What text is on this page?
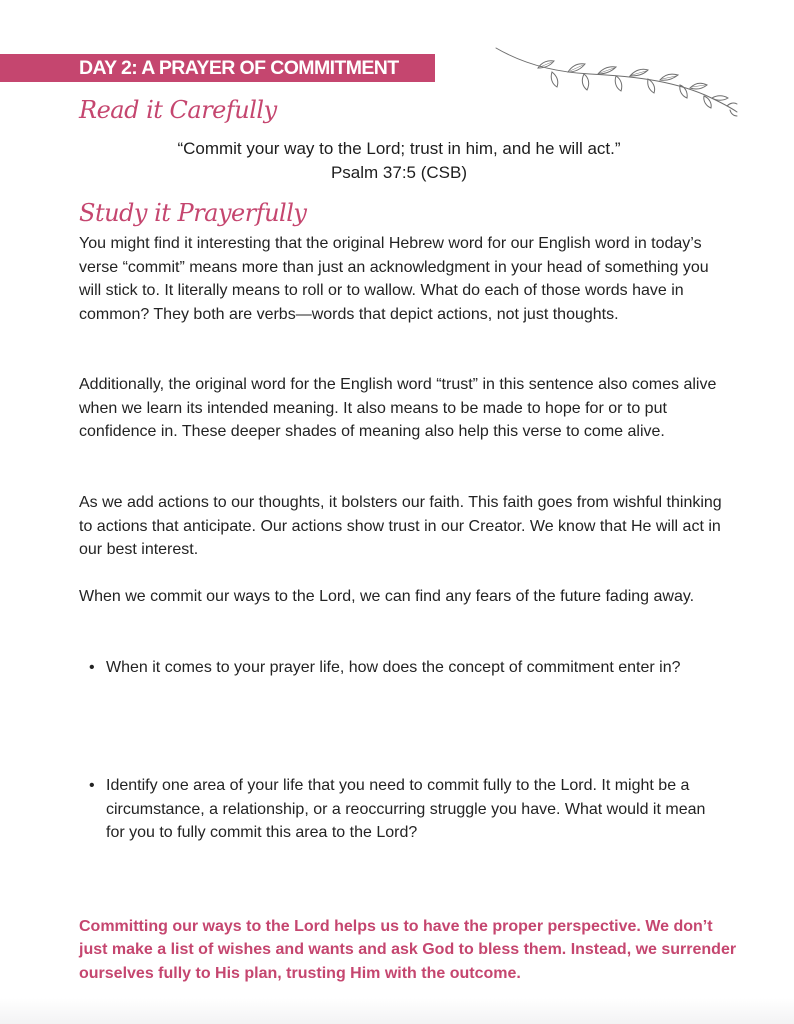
DAY 2: A PRAYER OF COMMITMENT
Read it Carefully
“Commit your way to the Lord; trust in him, and he will act.”
Psalm 37:5 (CSB)
Study it Prayerfully

You might find it interesting that the original Hebrew word for our English word in today’s verse “commit” means more than just an acknowledgment in your head of something you will stick to. It literally means to roll or to wallow. What do each of those words have in common? They both are verbs—words that depict actions, not just thoughts.

Additionally, the original word for the English word “trust” in this sentence also comes alive when we learn its intended meaning. It also means to be made to hope for or to put confidence in. These deeper shades of meaning also help this verse to come alive.

As we add actions to our thoughts, it bolsters our faith. This faith goes from wishful thinking to actions that anticipate. Our actions show trust in our Creator. We know that He will act in our best interest.

When we commit our ways to the Lord, we can find any fears of the future fading away.

• When it comes to your prayer life, how does the concept of commitment enter in?
• Identify one area of your life that you need to commit fully to the Lord. It might be a circumstance, a relationship, or a reoccurring struggle you have. What would it mean for you to fully commit this area to the Lord?

Committing our ways to the Lord helps us to have the proper perspective. We don’t just make a list of wishes and wants and ask God to bless them. Instead, we surrender ourselves fully to His plan, trusting Him with the outcome.
